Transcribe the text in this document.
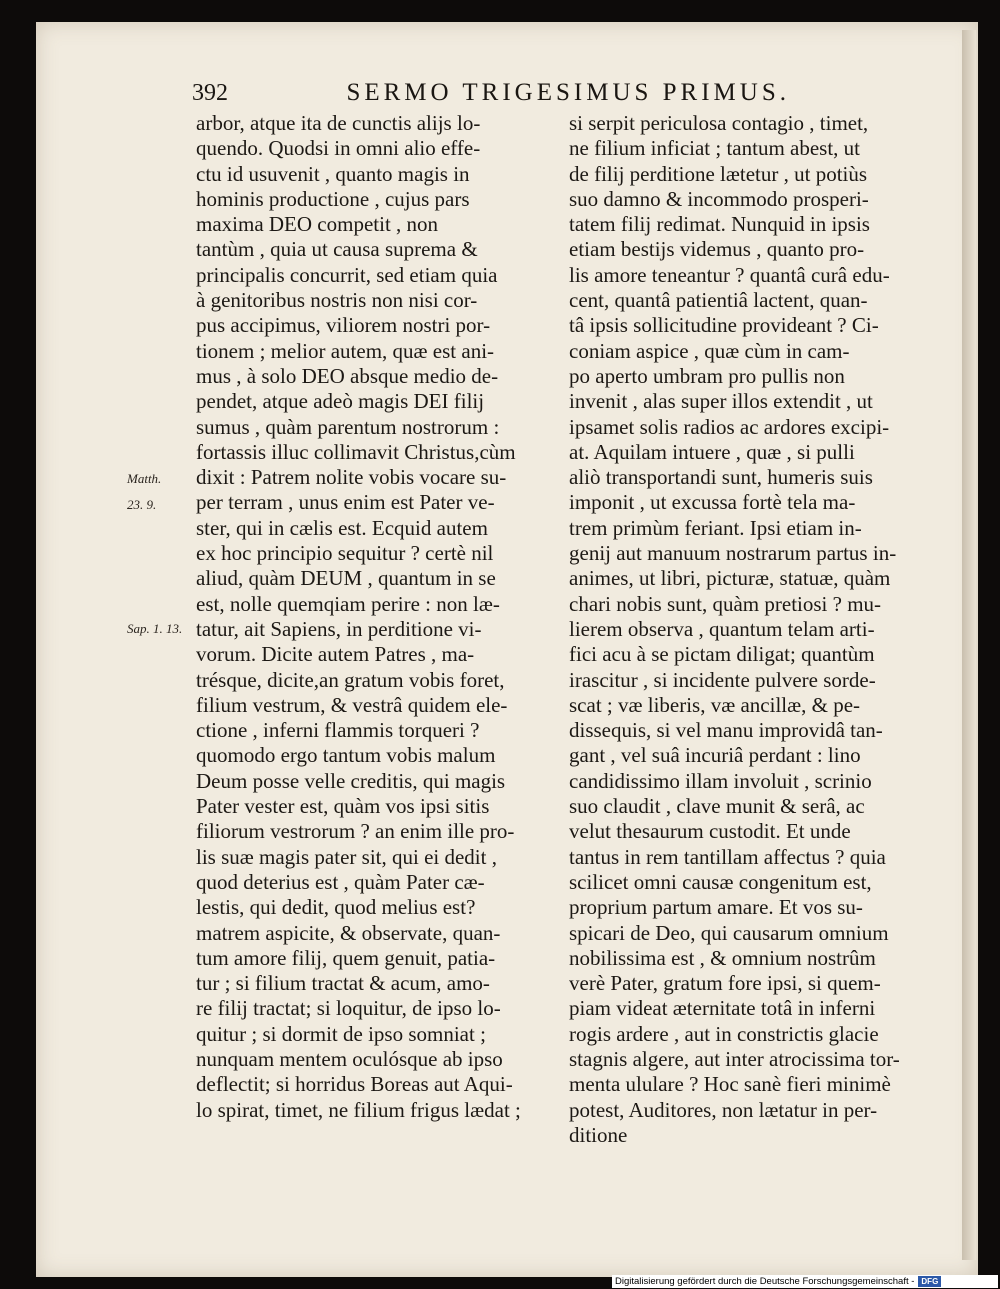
392	SERMO TRIGESIMUS PRIMUS.
Matth.
23. 9.
Sap. 1. 13.
arbor, atque ita de cunctis alijs lo-
quendo. Quodsi in omni alio effe-
ctu id usuvenit , quanto magis in
hominis productione , cujus pars
maxima DEO competit , non
tantùm , quia ut causa suprema &
principalis concurrit, sed etiam quia
à genitoribus nostris non nisi cor-
pus accipimus, viliorem nostri por-
tionem ; melior autem, quæ est ani-
mus , à solo DEO absque medio de-
pendet, atque adeò magis DEI filij
sumus , quàm parentum nostrorum :
fortassis illuc collimavit Christus,cùm
dixit : Patrem nolite vobis vocare su-
per terram , unus enim est Pater ve-
ster, qui in cælis est. Ecquid autem
ex hoc principio sequitur ? certè nil
aliud, quàm DEUM , quantum in se
est, nolle quemqiam perire : non læ-
tatur, ait Sapiens, in perditione vi-
vorum. Dicite autem Patres , ma-
trésque, dicite,an gratum vobis foret,
filium vestrum, & vestrâ quidem ele-
ctione , inferni flammis torqueri ?
quomodo ergo tantum vobis malum
Deum posse velle creditis, qui magis
Pater vester est, quàm vos ipsi sitis
filiorum vestrorum ? an enim ille pro-
lis suæ magis pater sit, qui ei dedit ,
quod deterius est , quàm Pater cæ-
lestis, qui dedit, quod melius est?
matrem aspicite, & observate, quan-
tum amore filij, quem genuit, patia-
tur ; si filium tractat & acum, amo-
re filij tractat; si loquitur, de ipso lo-
quitur ; si dormit de ipso somniat ;
nunquam mentem oculósque ab ipso
deflectit; si horridus Boreas aut Aqui-
lo spirat, timet, ne filium frigus lædat ;
si serpit periculosa contagio , timet,
ne filium inficiat ; tantum abest, ut
de filij perditione lætetur , ut potiùs
suo damno & incommodo prosperi-
tatem filij redimat. Nunquid in ipsis
etiam bestijs videmus , quanto pro-
lis amore teneantur ? quantâ curâ edu-
cent, quantâ patientiâ lactent, quan-
tâ ipsis sollicitudine provideant ? Ci-
coniam aspice , quæ cùm in cam-
po aperto umbram pro pullis non
invenit , alas super illos extendit , ut
ipsamet solis radios ac ardores excipi-
at. Aquilam intuere , quæ , si pulli
aliò transportandi sunt, humeris suis
imponit , ut excussa fortè tela ma-
trem primùm feriant. Ipsi etiam in-
genij aut manuum nostrarum partus in-
animes, ut libri, picturæ, statuæ, quàm
chari nobis sunt, quàm pretiosi ? mu-
lierem observa , quantum telam arti-
fici acu à se pictam diligat; quantùm
irascitur , si incidente pulvere sorde-
scat ; væ liberis, væ ancillæ, & pe-
dissequis, si vel manu improvidâ tan-
gant , vel suâ incuriâ perdant : lino
candidissimo illam involuit , scrinio
suo claudit , clave munit & serâ, ac
velut thesaurum custodit. Et unde
tantus in rem tantillam affectus ? quia
scilicet omni causæ congenitum est,
proprium partum amare. Et vos su-
spicari de Deo, qui causarum omnium
nobilissima est , & omnium nostrûm
verè Pater, gratum fore ipsi, si quem-
piam videat æternitate totâ in inferni
rogis ardere , aut in constrictis glacie
stagnis algere, aut inter atrocissima tor-
menta ululare ? Hoc sanè fieri minimè
potest, Auditores, non lætatur in per-
ditione
Digitalisierung gefördert durch die Deutsche Forschungsgemeinschaft - DFG
